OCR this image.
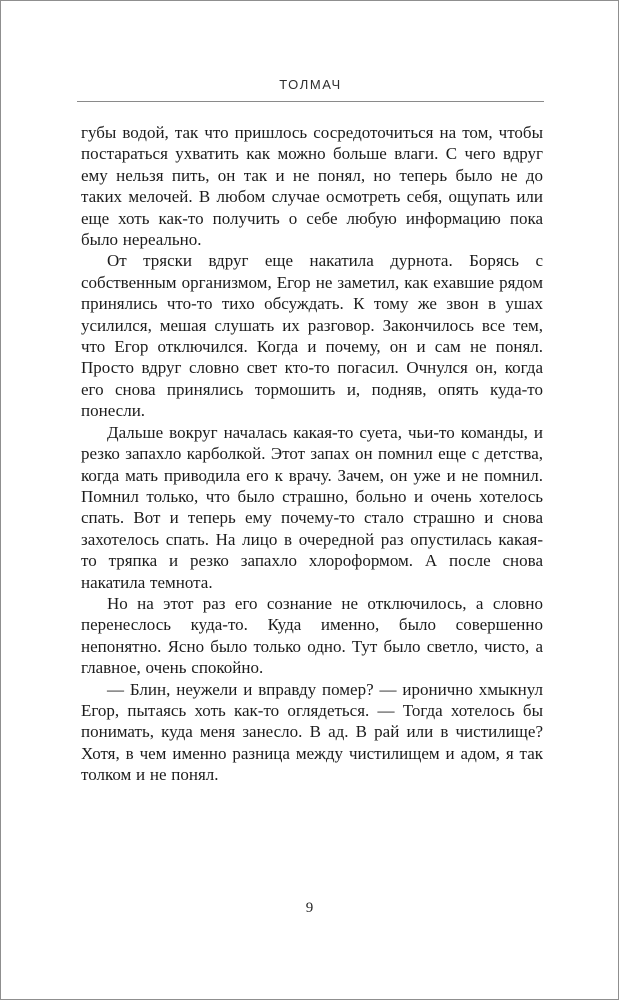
ТОЛМАЧ

губы водой, так что пришлось сосредоточиться на том, чтобы постараться ухватить как можно больше влаги. С чего вдруг ему нельзя пить, он так и не понял, но теперь было не до таких мелочей. В любом случае осмотреть себя, ощупать или еще хоть как-то получить о себе любую информацию пока было нереально.

От тряски вдруг еще накатила дурнота. Борясь с собственным организмом, Егор не заметил, как ехавшие рядом принялись что-то тихо обсуждать. К тому же звон в ушах усилился, мешая слушать их разговор. Закончилось все тем, что Егор отключился. Когда и почему, он и сам не понял. Просто вдруг словно свет кто-то погасил. Очнулся он, когда его снова принялись тормошить и, подняв, опять куда-то понесли.

Дальше вокруг началась какая-то суета, чьи-то команды, и резко запахло карболкой. Этот запах он помнил еще с детства, когда мать приводила его к врачу. Зачем, он уже и не помнил. Помнил только, что было страшно, больно и очень хотелось спать. Вот и теперь ему почему-то стало страшно и снова захотелось спать. На лицо в очередной раз опустилась какая-то тряпка и резко запахло хлороформом. А после снова накатила темнота.

Но на этот раз его сознание не отключилось, а словно перенеслось куда-то. Куда именно, было совершенно непонятно. Ясно было только одно. Тут было светло, чисто, а главное, очень спокойно.

— Блин, неужели и вправду помер? — иронично хмыкнул Егор, пытаясь хоть как-то оглядеться. — Тогда хотелось бы понимать, куда меня занесло. В ад. В рай или в чистилище? Хотя, в чем именно разница между чистилищем и адом, я так толком и не понял.

9
